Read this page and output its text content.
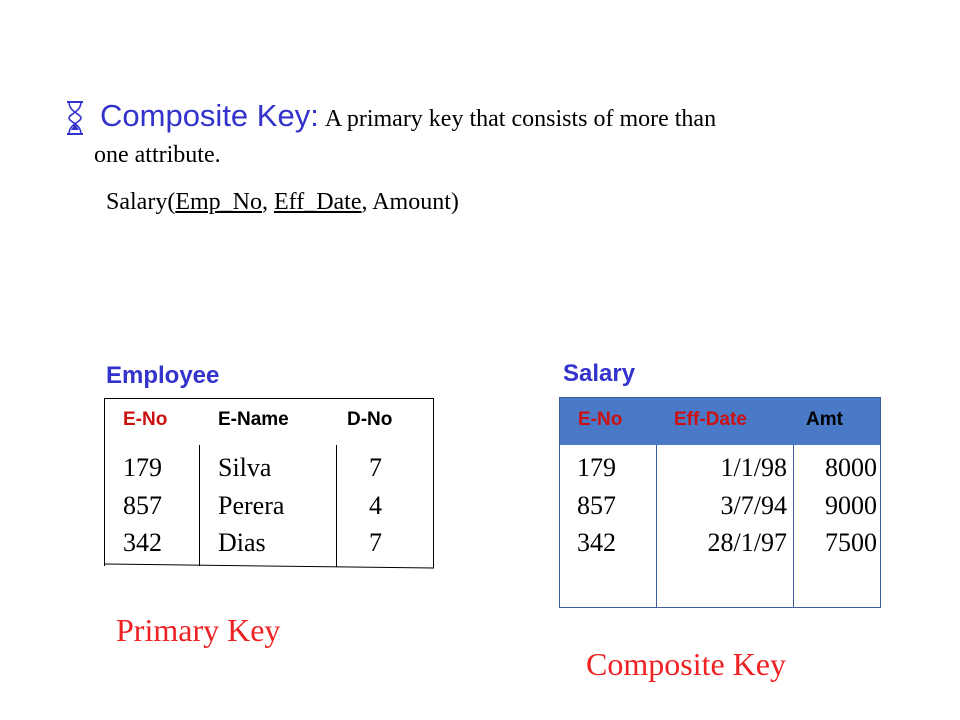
Composite Key: A primary key that consists of more than
one attribute.
Salary(Emp_No, Eff_Date, Amount)
Employee
E-No	E-Name	D-No
179 Silva	7
857 Perera	4
342 Dias	7
Primary Key
Salary
E-No	Eff-Date	Amt
179	1/1/98	8000
857	3/7/94	9000
342	28/1/97	7500
Composite Key
